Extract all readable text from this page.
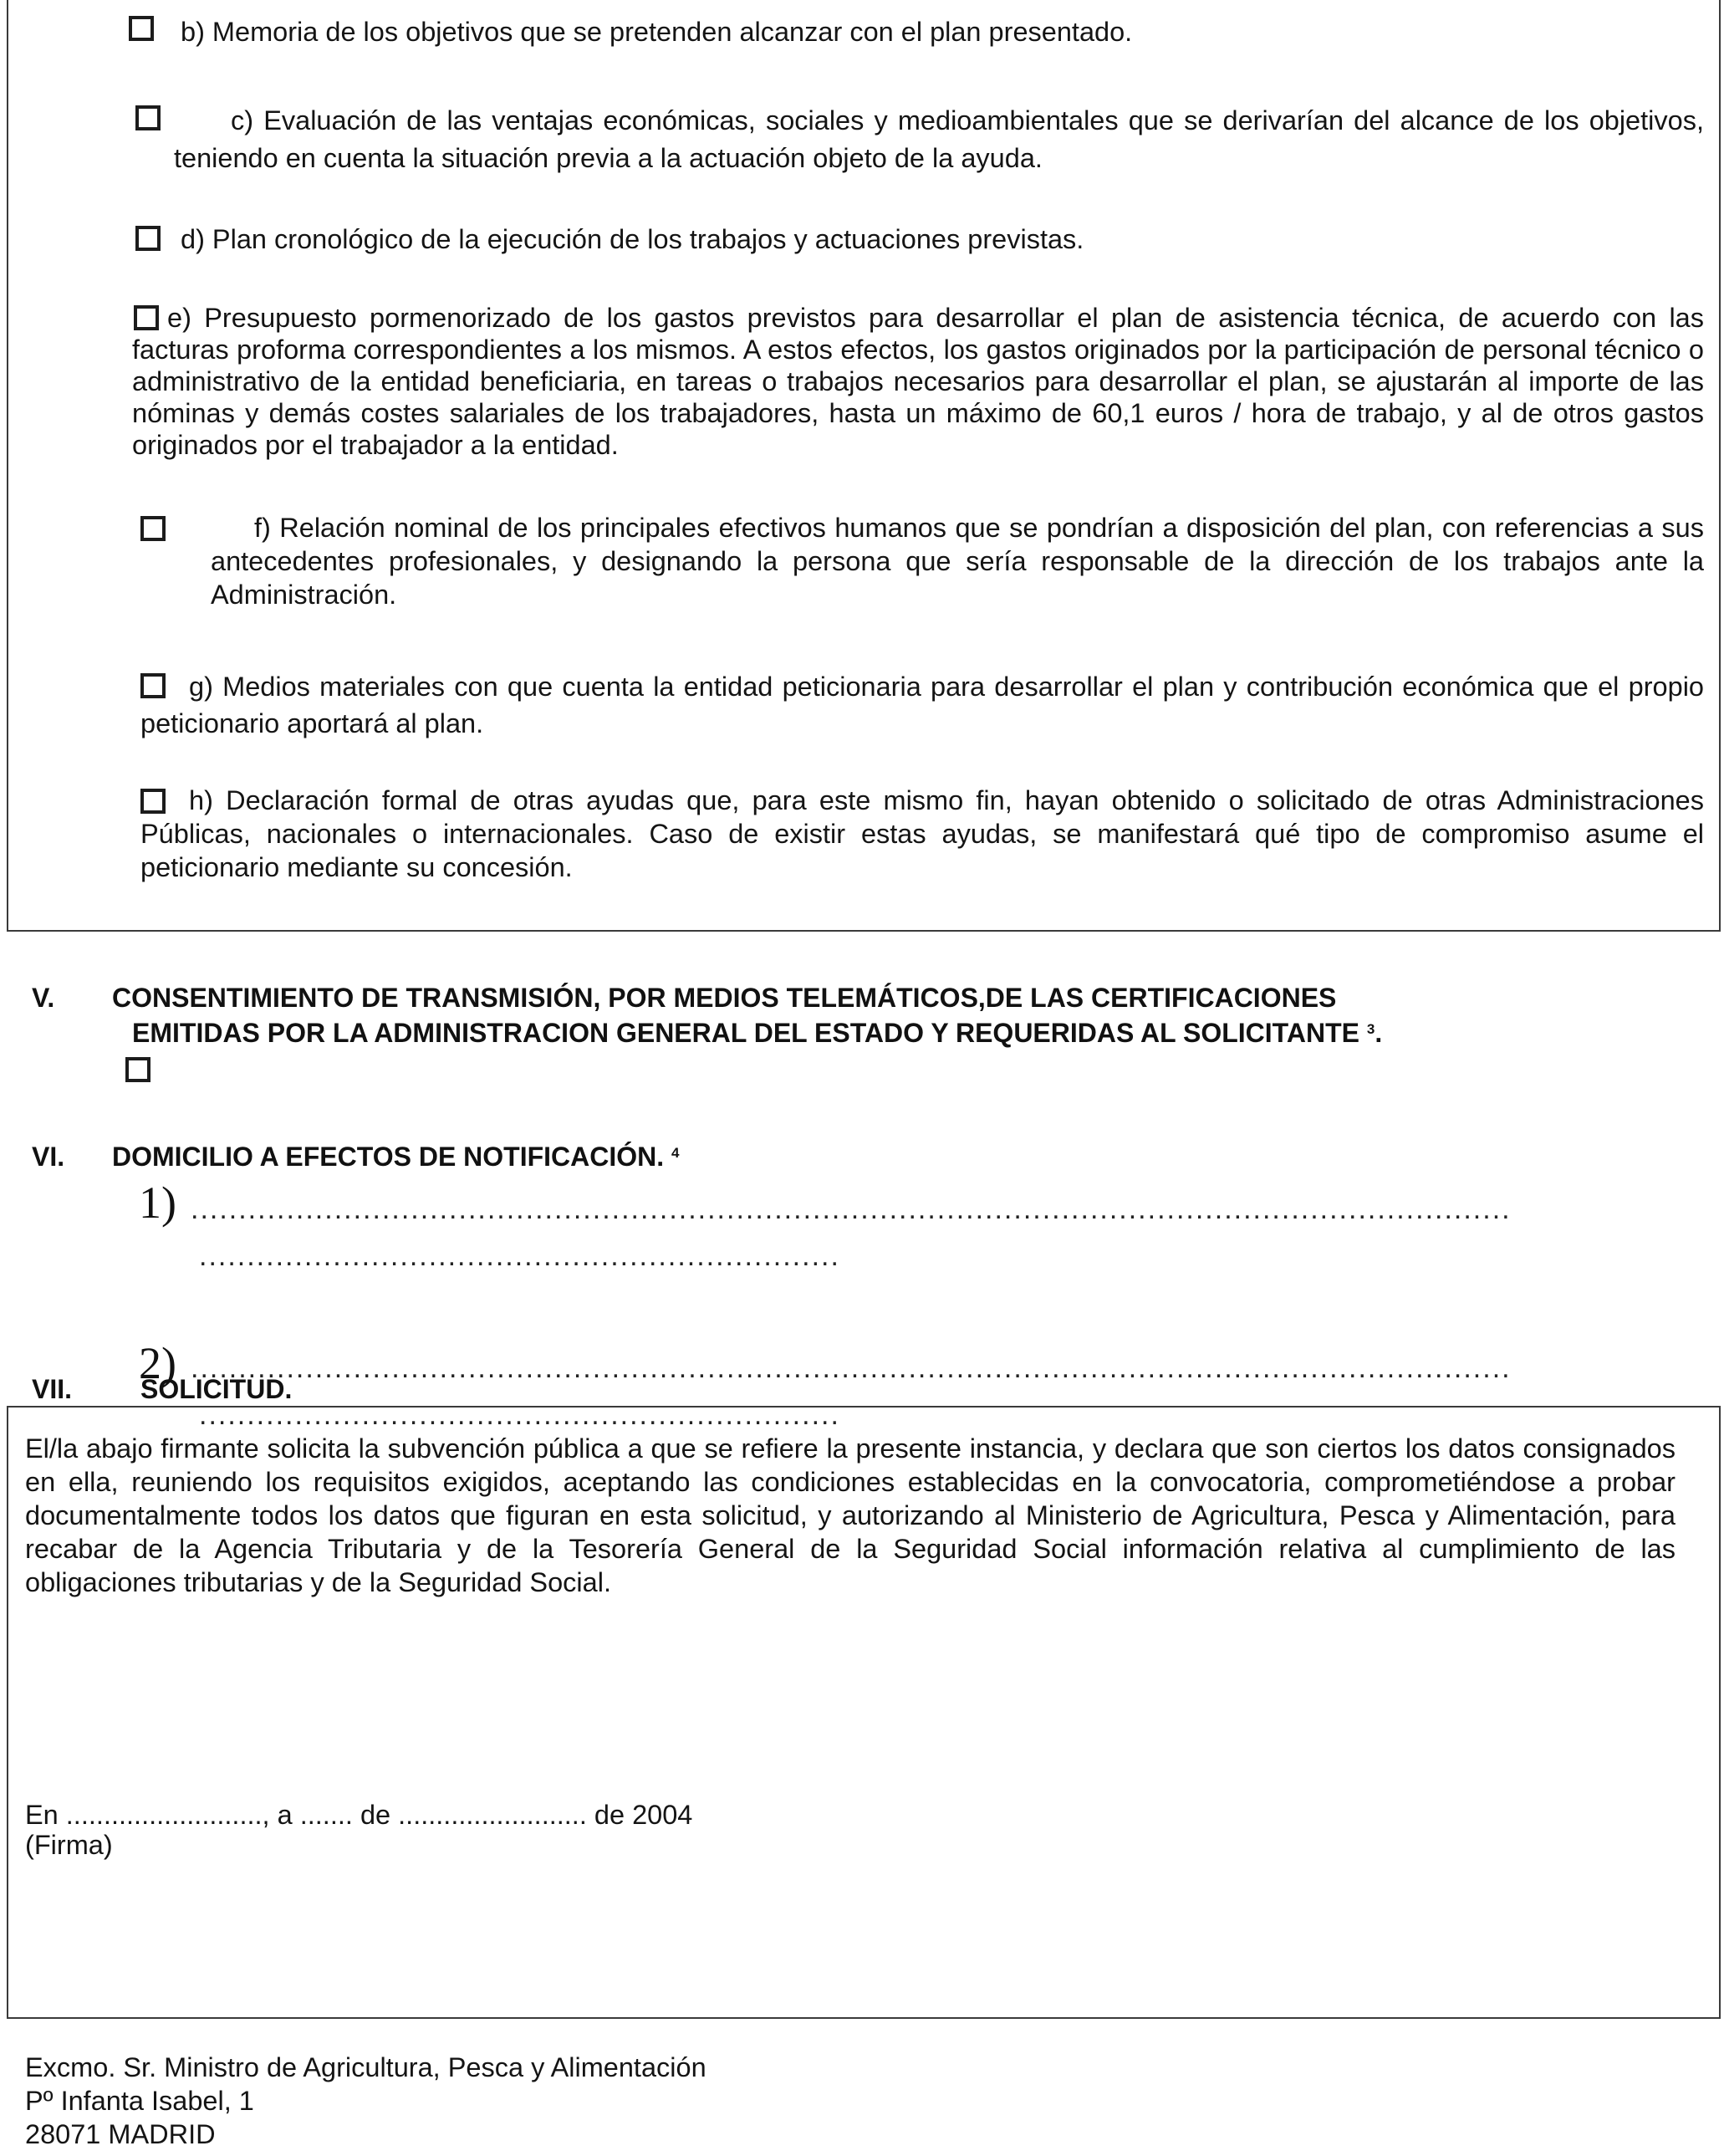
b) Memoria de los objetivos que se pretenden alcanzar con el plan presentado.
c) Evaluación de las ventajas económicas, sociales y medioambientales que se derivarían del alcance de los objetivos, teniendo en cuenta la situación previa a la actuación objeto de la ayuda.
d) Plan cronológico de la ejecución de los trabajos y actuaciones previstas.
e) Presupuesto pormenorizado de los gastos previstos para desarrollar el plan de asistencia técnica, de acuerdo con las facturas proforma correspondientes a los mismos. A estos efectos, los gastos originados por la participación de personal técnico o administrativo de la entidad beneficiaria, en tareas o trabajos necesarios para desarrollar el plan, se ajustarán al importe de las nóminas y demás costes salariales de los trabajadores, hasta un máximo de 60,1 euros / hora de trabajo, y al de otros gastos originados por el trabajador a la entidad.
f) Relación nominal de los principales efectivos humanos que se pondrían a disposición del plan, con referencias a sus antecedentes profesionales, y designando la persona que sería responsable de la dirección de los trabajos ante la Administración.
g) Medios materiales con que cuenta la entidad peticionaria para desarrollar el plan y contribución económica que el propio peticionario aportará al plan.
h) Declaración formal de otras ayudas que, para este mismo fin, hayan obtenido o solicitado de otras Administraciones Públicas, nacionales o internacionales. Caso de existir estas ayudas, se manifestará qué tipo de compromiso asume el peticionario mediante su concesión.
V. CONSENTIMIENTO DE TRANSMISIÓN, POR MEDIOS TELEMÁTICOS,DE LAS CERTIFICACIONES
EMITIDAS POR LA ADMINISTRACION GENERAL DEL ESTADO Y REQUERIDAS AL SOLICITANTE $^3$.
VI. DOMICILIO A EFECTOS DE NOTIFICACIÓN. $^4$
1) ..........................................................................................................................................
...................................................................
2) ..........................................................................................................................................
...................................................................
VII.	SOLICITUD.
El/la abajo firmante solicita la subvención pública a que se refiere la presente instancia, y declara que son ciertos los datos consignados en ella, reuniendo los requisitos exigidos, aceptando las condiciones establecidas en la convocatoria, comprometiéndose a probar documentalmente todos los datos que figuran en esta solicitud, y autorizando al Ministerio de Agricultura, Pesca y Alimentación, para recabar de la Agencia Tributaria y de la Tesorería General de la Seguridad Social información relativa al cumplimiento de las obligaciones tributarias y de la Seguridad Social.
En .........................., a ....... de ......................... de 2004
(Firma)
Excmo. Sr. Ministro de Agricultura, Pesca y Alimentación
Pº Infanta Isabel, 1
28071 MADRID
